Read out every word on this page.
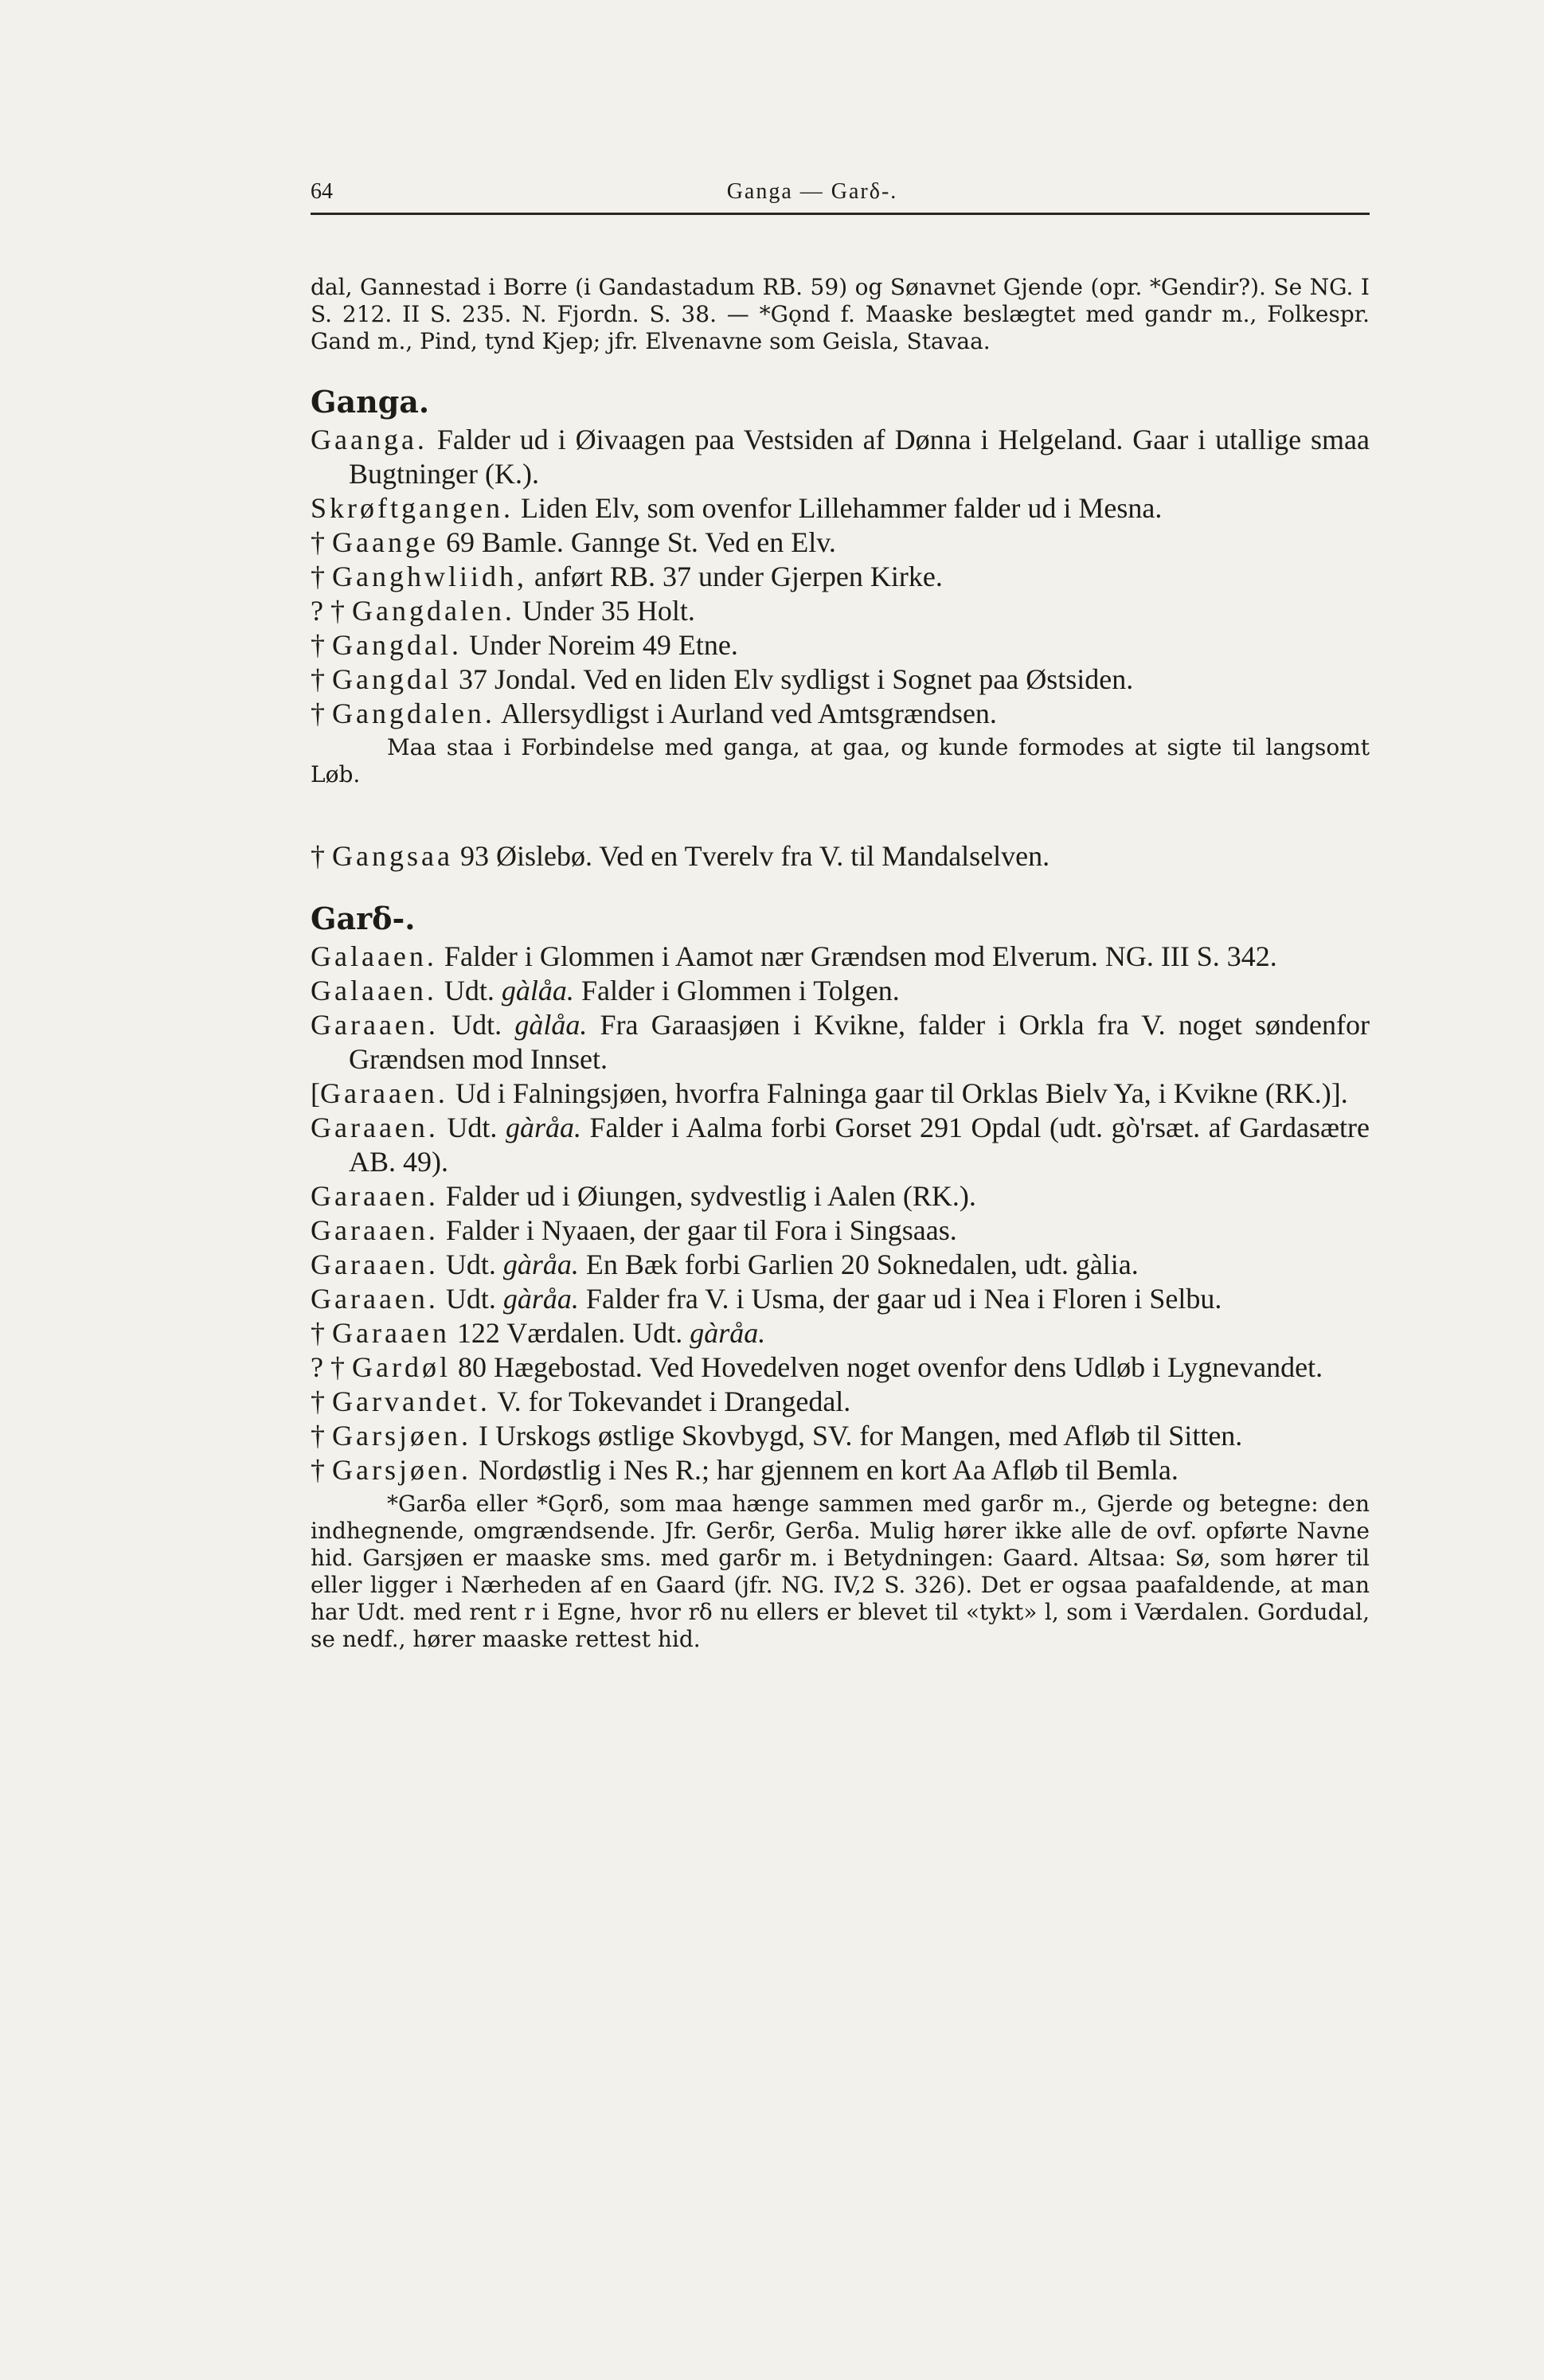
64	Ganga — Garδ-.

dal, Gannestad i Borre (i Gandastadum RB. 59) og Sønavnet Gjende (opr. *Gendir?). Se NG. I S. 212. II S. 235. N. Fjordn. S. 38. — *Gǫnd f. Maaske beslægtet med gandr m., Folkespr. Gand m., Pind, tynd Kjep; jfr. Elvenavne som Geisla, Stavaa.

Ganga.
Gaanga. Falder ud i Øivaagen paa Vestsiden af Dønna i Helgeland. Gaar i utallige smaa Bugtninger (K.).
Skrøftgangen. Liden Elv, som ovenfor Lillehammer falder ud i Mesna.
† Gaange 69 Bamle. Gannge St. Ved en Elv.
† Ganghwliidh, anført RB. 37 under Gjerpen Kirke.
? † Gangdalen. Under 35 Holt.
† Gangdal. Under Noreim 49 Etne.
† Gangdal 37 Jondal. Ved en liden Elv sydligst i Sognet paa Østsiden.
† Gangdalen. Allersydligst i Aurland ved Amtsgrændsen.

Maa staa i Forbindelse med ganga, at gaa, og kunde formodes at sigte til langsomt Løb.

† Gangsaa 93 Øislebø. Ved en Tverelv fra V. til Mandalselven.
Garδ-.
Galaaen. Falder i Glommen i Aamot nær Grændsen mod Elverum. NG. III S. 342.
Galaaen. Udt. gàlåa. Falder i Glommen i Tolgen.
Garaaen. Udt. gàlåa. Fra Garaasjøen i Kvikne, falder i Orkla fra V. noget søndenfor Grændsen mod Innset.
[Garaaen. Ud i Falningsjøen, hvorfra Falninga gaar til Orklas Bielv Ya, i Kvikne (RK.)].
Garaaen. Udt. gàråa. Falder i Aalma forbi Gorset 291 Opdal (udt. gò'rsæt. af Gardasætre AB. 49).
Garaaen. Falder ud i Øiungen, sydvestlig i Aalen (RK.).
Garaaen. Falder i Nyaaen, der gaar til Fora i Singsaas.
Garaaen. Udt. gàråa. En Bæk forbi Garlien 20 Soknedalen, udt. gàlia.
Garaaen. Udt. gàråa. Falder fra V. i Usma, der gaar ud i Nea i Floren i Selbu.
† Garaaen 122 Værdalen. Udt. gàråa.
? † Gardøl 80 Hægebostad. Ved Hovedelven noget ovenfor dens Udløb i Lygnevandet.
† Garvandet. V. for Tokevandet i Drangedal.
† Garsjøen. I Urskogs østlige Skovbygd, SV. for Mangen, med Afløb til Sitten.
† Garsjøen. Nordøstlig i Nes R.; har gjennem en kort Aa Afløb til Bemla.

*Garδa eller *Gǫrδ, som maa hænge sammen med garδr m., Gjerde og betegne: den indhegnende, omgrændsende. Jfr. Gerδr, Gerδa. Mulig hører ikke alle de ovf. opførte Navne hid. Garsjøen er maaske sms. med garδr m. i Betydningen: Gaard. Altsaa: Sø, som hører til eller ligger i Nærheden af en Gaard (jfr. NG. IV,2 S. 326). Det er ogsaa paafaldende, at man har Udt. med rent r i Egne, hvor rδ nu ellers er blevet til «tykt» l, som i Værdalen. Gordudal, se nedf., hører maaske rettest hid.
